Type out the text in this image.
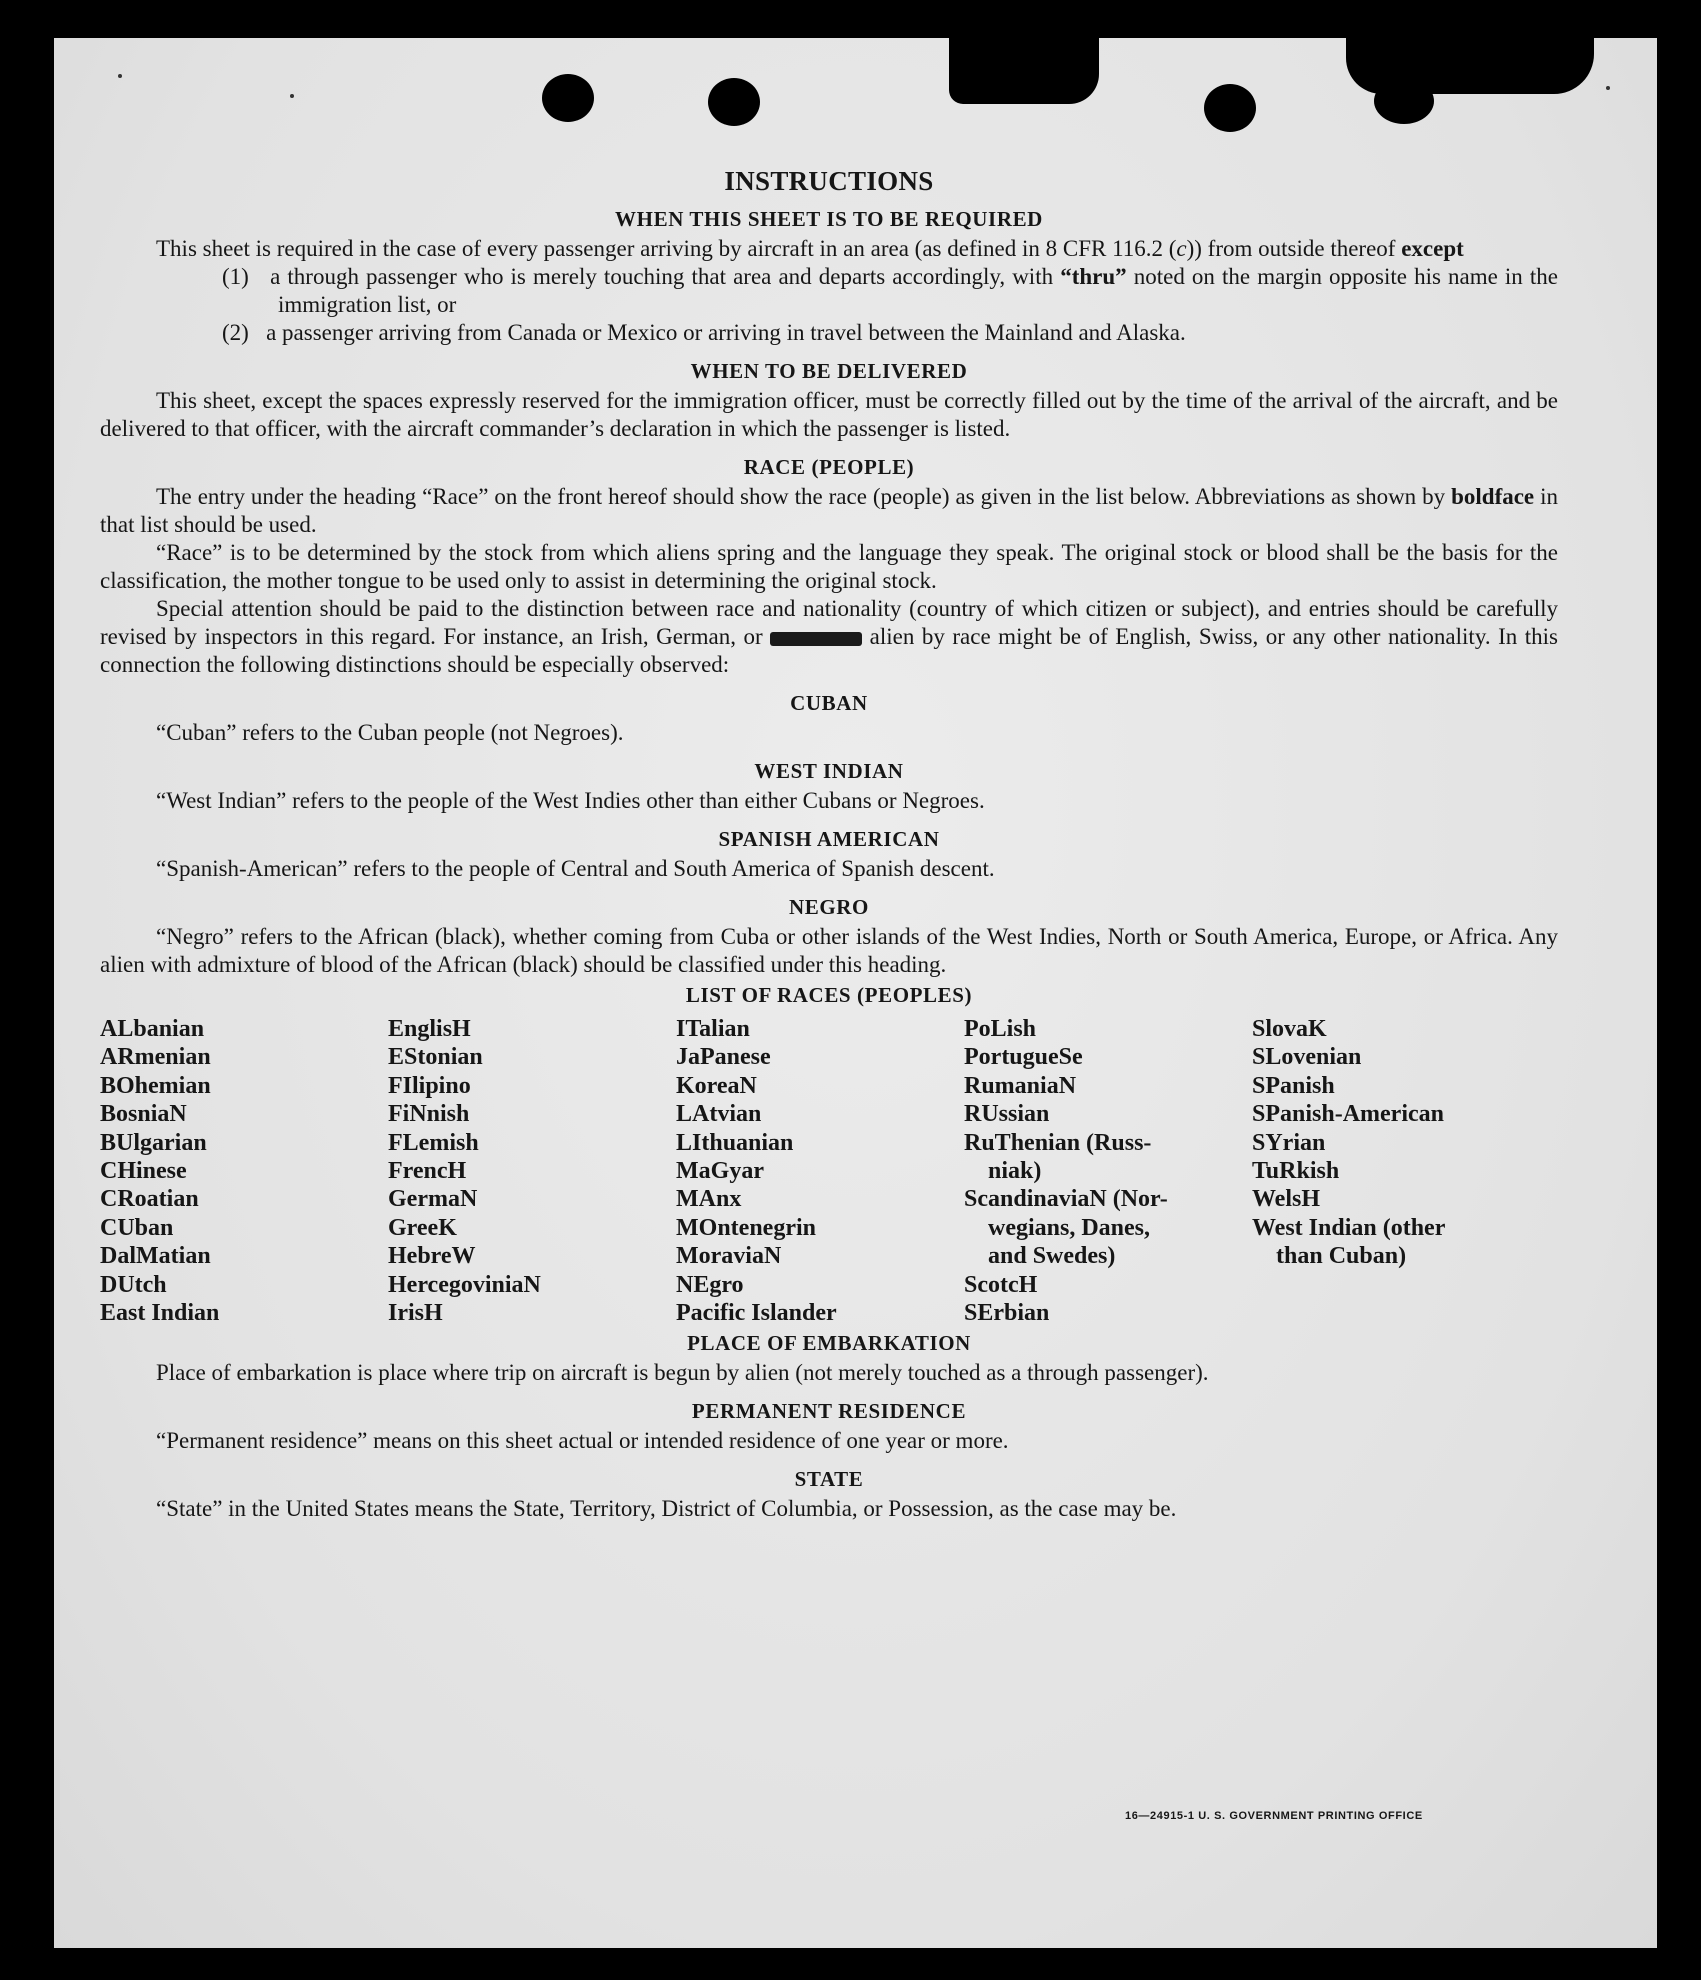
INSTRUCTIONS
WHEN THIS SHEET IS TO BE REQUIRED

This sheet is required in the case of every passenger arriving by aircraft in an area (as defined in 8 CFR 116.2 (c)) from outside thereof except

(1) a through passenger who is merely touching that area and departs accordingly, with “thru” noted on the margin opposite his name in the immigration list, or

(2) a passenger arriving from Canada or Mexico or arriving in travel between the Mainland and Alaska.

WHEN TO BE DELIVERED

This sheet, except the spaces expressly reserved for the immigration officer, must be correctly filled out by the time of the arrival of the aircraft, and be delivered to that officer, with the aircraft commander’s declaration in which the passenger is listed.

RACE (PEOPLE)

The entry under the heading “Race” on the front hereof should show the race (people) as given in the list below. Abbreviations as shown by boldface in that list should be used.

“Race” is to be determined by the stock from which aliens spring and the language they speak. The original stock or blood shall be the basis for the classification, the mother tongue to be used only to assist in determining the original stock.

Special attention should be paid to the distinction between race and nationality (country of which citizen or subject), and entries should be carefully revised by inspectors in this regard. For instance, an Irish, German, or	alien by race might be of English, Swiss, or any other nationality. In this connection the following distinctions should be especially observed:

CUBAN

“Cuban” refers to the Cuban people (not Negroes).

WEST INDIAN

“West Indian” refers to the people of the West Indies other than either Cubans or Negroes.

SPANISH AMERICAN

“Spanish-American” refers to the people of Central and South America of Spanish descent.

NEGRO

“Negro” refers to the African (black), whether coming from Cuba or other islands of the West Indies, North or South America, Europe, or Africa. Any alien with admixture of blood of the African (black) should be classified under this heading.

LIST OF RACES (PEOPLES)
ALbanian
ARmenian
BOhemian
BosniaN
BUlgarian
CHinese
CRoatian
CUban
DalMatian
DUtch
East Indian
EnglisH
EStonian
FIlipino
FiNnish
FLemish
FrencH
GermaN
GreeK
HebreW
HercegoviniaN
IrisH
ITalian
JaPanese
KoreaN
LAtvian
LIthuanian
MaGyar
MAnx
MOntenegrin
MoraviaN
NEgro
Pacific Islander
PoLish
PortugueSe
RumaniaN
RUssian
RuThenian (Russ-
niak)
ScandinaviaN (Nor-
wegians, Danes,
and Swedes)
ScotcH
SErbian
SlovaK
SLovenian
SPanish
SPanish-American
SYrian
TuRkish
WelsH
West Indian (other
than Cuban)
PLACE OF EMBARKATION

Place of embarkation is place where trip on aircraft is begun by alien (not merely touched as a through passenger).

PERMANENT RESIDENCE

“Permanent residence” means on this sheet actual or intended residence of one year or more.

STATE

“State” in the United States means the State, Territory, District of Columbia, or Possession, as the case may be.

16—24915-1 U. S. GOVERNMENT PRINTING OFFICE
